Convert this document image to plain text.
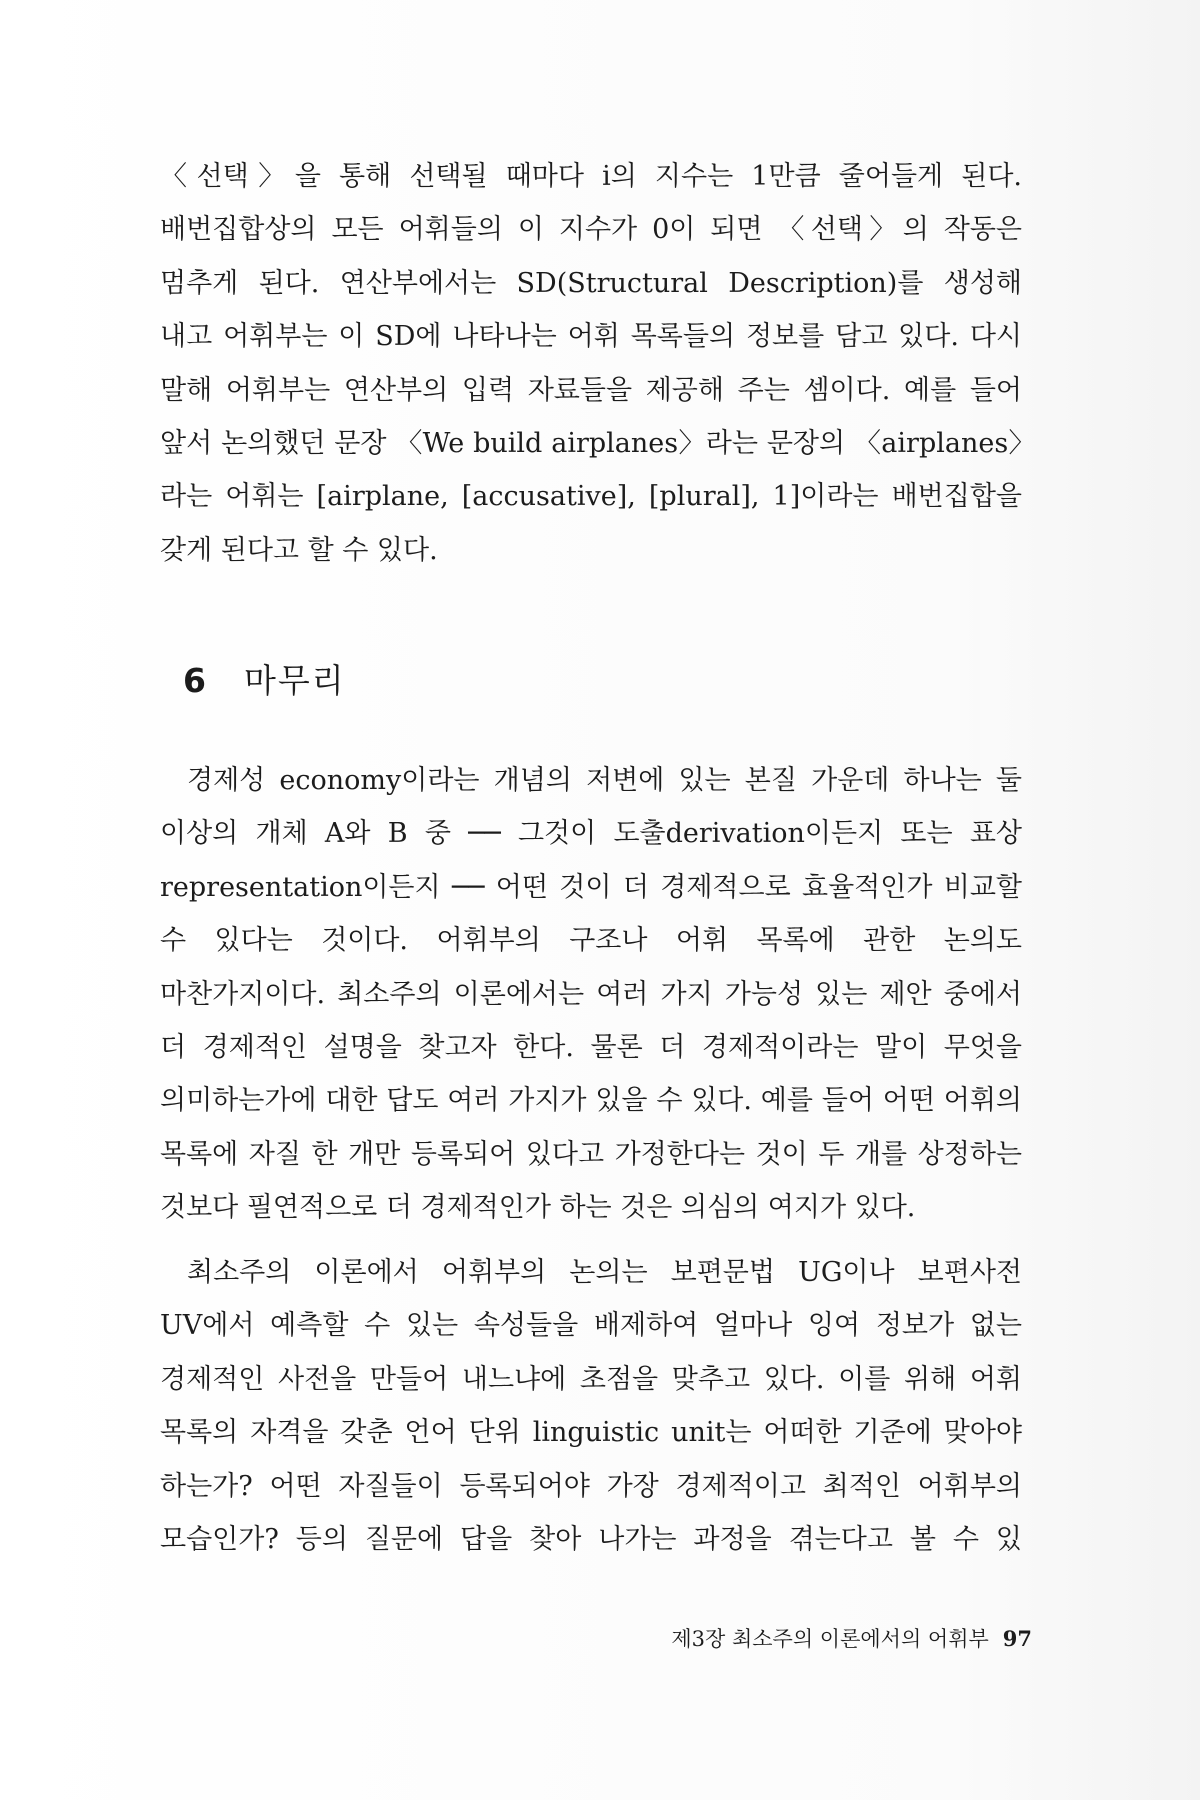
〈선택〉을 통해 선택될 때마다 i의 지수는 1만큼 줄어들게 된다. 배번집합상의 모든 어휘들의 이 지수가 0이 되면 〈선택〉의 작동은 멈추게 된다. 연산부에서는 SD(Structural Description)를 생성해 내고 어휘부는 이 SD에 나타나는 어휘 목록들의 정보를 담고 있다. 다시 말해 어휘부는 연산부의 입력 자료들을 제공해 주는 셈이다. 예를 들어 앞서 논의했던 문장 〈We build airplanes〉라는 문장의 〈airplanes〉라는 어휘는 [airplane, [accusative], [plural], 1]이라는 배번집합을 갖게 된다고 할 수 있다.

6 마무리

경제성 economy이라는 개념의 저변에 있는 본질 가운데 하나는 둘 이상의 개체 A와 B 중 ── 그것이 도출derivation이든지 또는 표상 representation이든지 ── 어떤 것이 더 경제적으로 효율적인가 비교할 수 있다는 것이다. 어휘부의 구조나 어휘 목록에 관한 논의도 마찬가지이다. 최소주의 이론에서는 여러 가지 가능성 있는 제안 중에서 더 경제적인 설명을 찾고자 한다. 물론 더 경제적이라는 말이 무엇을 의미하는가에 대한 답도 여러 가지가 있을 수 있다. 예를 들어 어떤 어휘의 목록에 자질 한 개만 등록되어 있다고 가정한다는 것이 두 개를 상정하는 것보다 필연적으로 더 경제적인가 하는 것은 의심의 여지가 있다.

최소주의 이론에서 어휘부의 논의는 보편문법 UG이나 보편사전 UV에서 예측할 수 있는 속성들을 배제하여 얼마나 잉여 정보가 없는 경제적인 사전을 만들어 내느냐에 초점을 맞추고 있다. 이를 위해 어휘 목록의 자격을 갖춘 언어 단위 linguistic unit는 어떠한 기준에 맞아야 하는가? 어떤 자질들이 등록되어야 가장 경제적이고 최적인 어휘부의 모습인가? 등의 질문에 답을 찾아 나가는 과정을 겪는다고 볼 수 있

제3장 최소주의 이론에서의 어휘부 97
